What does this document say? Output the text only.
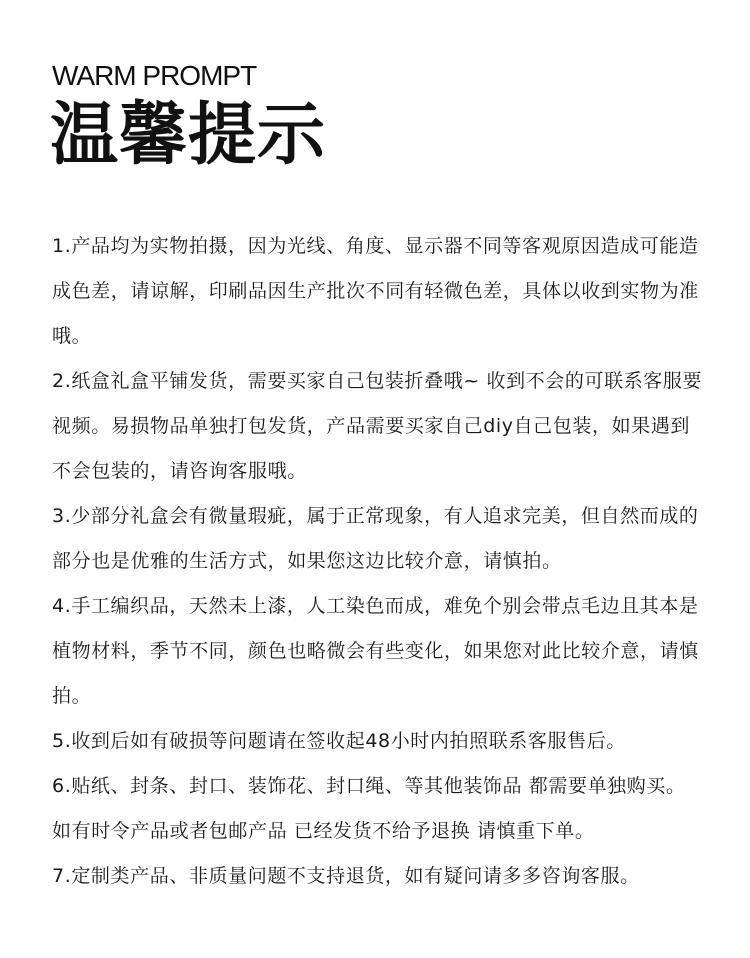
WARM PROMPT
温馨提示
1.产品均为实物拍摄，因为光线、角度、显示器不同等客观原因造成可能造成色差，请谅解，印刷品因生产批次不同有轻微色差，具体以收到实物为准哦。
2.纸盒礼盒平铺发货，需要买家自己包装折叠哦~ 收到不会的可联系客服要视频。易损物品单独打包发货，产品需要买家自己diy自己包装，如果遇到不会包装的，请咨询客服哦。
3.少部分礼盒会有微量瑕疵，属于正常现象，有人追求完美，但自然而成的部分也是优雅的生活方式，如果您这边比较介意，请慎拍。
4.手工编织品，天然未上漆，人工染色而成，难免个别会带点毛边且其本是植物材料，季节不同，颜色也略微会有些变化，如果您对此比较介意，请慎拍。
5.收到后如有破损等问题请在签收起48小时内拍照联系客服售后。
6.贴纸、封条、封口、装饰花、封口绳、等其他装饰品 都需要单独购买。如有时令产品或者包邮产品 已经发货不给予退换 请慎重下单。
7.定制类产品、非质量问题不支持退货，如有疑问请多多咨询客服。
